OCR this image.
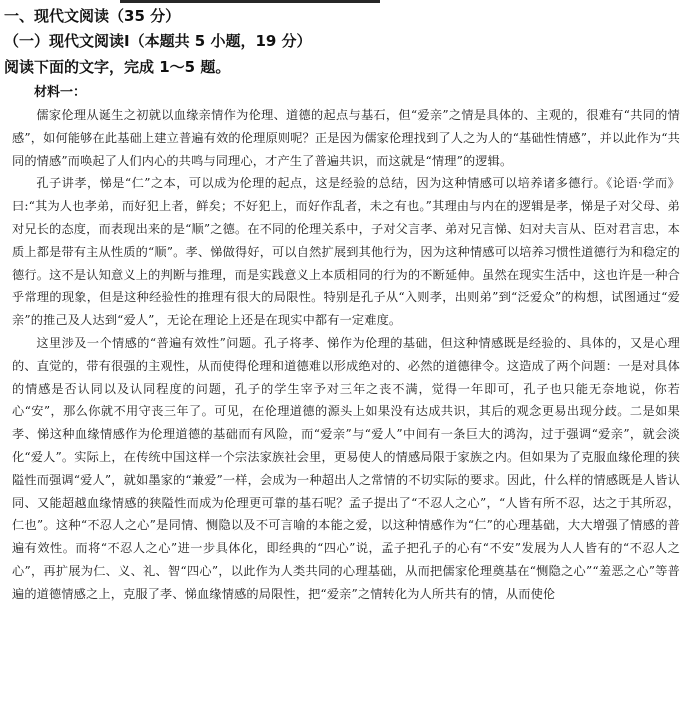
一、现代文阅读（35 分）
（一）现代文阅读Ⅰ（本题共 5 小题，19 分）
阅读下面的文字，完成 1～5 题。
材料一：

儒家伦理从诞生之初就以血缘亲情作为伦理、道德的起点与基石，但“爱亲”之情是具体的、主观的，很难有“共同的情感”，如何能够在此基础上建立普遍有效的伦理原则呢？正是因为儒家伦理找到了人之为人的“基础性情感”，并以此作为“共同的情感”而唤起了人们内心的共鸣与同理心，才产生了普遍共识，而这就是“情理”的逻辑。

孔子讲孝，悌是“仁”之本，可以成为伦理的起点，这是经验的总结，因为这种情感可以培养诸多德行。《论语·学而》曰:“其为人也孝弟，而好犯上者，鲜矣；不好犯上，而好作乱者，未之有也。”其理由与内在的逻辑是孝，悌是子对父母、弟对兄长的态度，而表现出来的是“顺”之德。在不同的伦理关系中，子对父言孝、弟对兄言悌、妇对夫言从、臣对君言忠，本质上都是带有主从性质的“顺”。孝、悌做得好，可以自然扩展到其他行为，因为这种情感可以培养习惯性道德行为和稳定的德行。这不是认知意义上的判断与推理，而是实践意义上本质相同的行为的不断延伸。虽然在现实生活中，这也许是一种合乎常理的现象，但是这种经验性的推理有很大的局限性。特别是孔子从“入则孝，出则弟”到“泛爱众”的构想，试图通过“爱亲”的推己及人达到“爱人”，无论在理论上还是在现实中都有一定难度。

这里涉及一个情感的“普遍有效性”问题。孔子将孝、悌作为伦理的基础，但这种情感既是经验的、具体的，又是心理的、直觉的，带有很强的主观性，从而使得伦理和道德难以形成绝对的、必然的道德律令。这造成了两个问题：一是对具体的情感是否认同以及认同程度的问题，孔子的学生宰予对三年之丧不满，觉得一年即可，孔子也只能无奈地说，你若心“安”，那么你就不用守丧三年了。可见，在伦理道德的源头上如果没有达成共识，其后的观念更易出现分歧。二是如果孝、悌这种血缘情感作为伦理道德的基础而有风险，而“爱亲”与“爱人”中间有一条巨大的鸿沟，过于强调“爱亲”，就会淡化“爱人”。实际上，在传统中国这样一个宗法家族社会里，更易使人的情感局限于家族之内。但如果为了克服血缘伦理的狭隘性而强调“爱人”，就如墨家的“兼爱”一样，会成为一种超出人之常情的不切实际的要求。因此，什么样的情感既是人皆认同、又能超越血缘情感的狭隘性而成为伦理更可靠的基石呢？孟子提出了“不忍人之心”，“人皆有所不忍，达之于其所忍，仁也”。这种“不忍人之心”是同情、恻隐以及不可言喻的本能之爱，以这种情感作为“仁”的心理基础，大大增强了情感的普遍有效性。而将“不忍人之心”进一步具体化，即经典的“四心”说，孟子把孔子的心有“不安”发展为人人皆有的“不忍人之心”，再扩展为仁、义、礼、智“四心”，以此作为人类共同的心理基础，从而把儒家伦理奠基在“恻隐之心”“羞恶之心”等普遍的道德情感之上，克服了孝、悌血缘情感的局限性，把“爱亲”之情转化为人所共有的情，从而使伦
